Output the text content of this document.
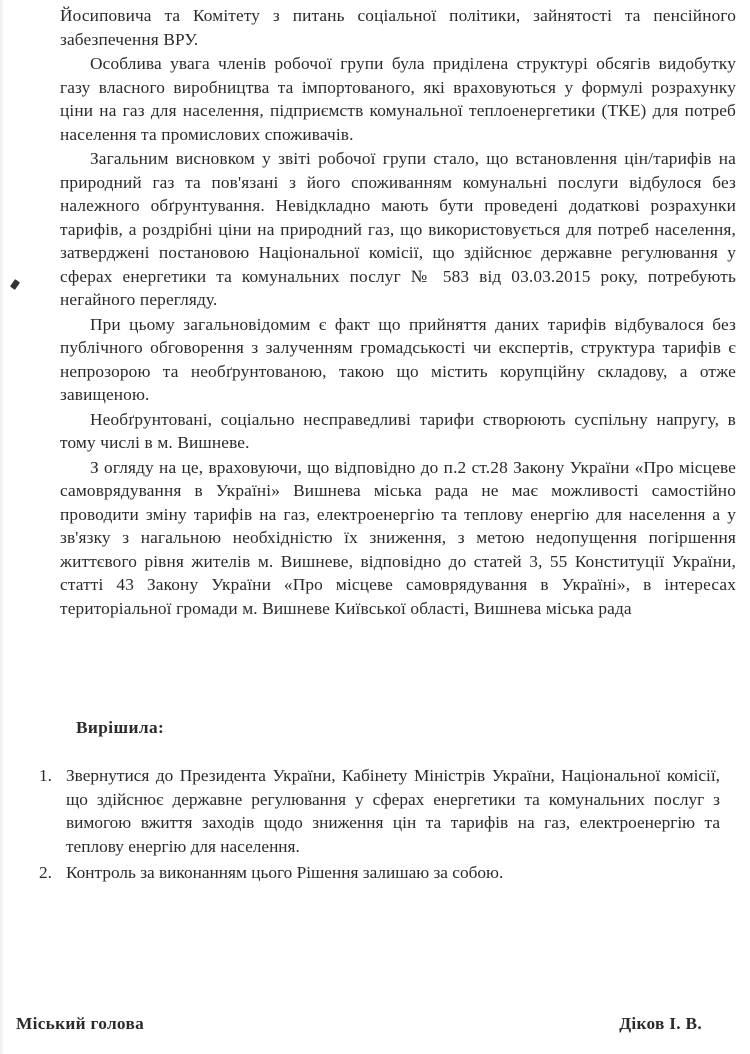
Йосиповича та Комітету з питань соціальної політики, зайнятості та пенсійного забезпечення ВРУ.

Особлива увага членів робочої групи була приділена структурі обсягів видобутку газу власного виробництва та імпортованого, які враховуються у формулі розрахунку ціни на газ для населення, підприємств комунальної теплоенергетики (ТКЕ) для потреб населення та промислових споживачів.

Загальним висновком у звіті робочої групи стало, що встановлення цін/тарифів на природний газ та пов'язані з його споживанням комунальні послуги відбулося без належного обґрунтування. Невідкладно мають бути проведені додаткові розрахунки тарифів, а роздрібні ціни на природний газ, що використовується для потреб населення, затверджені постановою Національної комісії, що здійснює державне регулювання у сферах енергетики та комунальних послуг № 583 від 03.03.2015 року, потребують негайного перегляду.

При цьому загальновідомим є факт що прийняття даних тарифів відбувалося без публічного обговорення з залученням громадськості чи експертів, структура тарифів є непрозорою та необґрунтованою, такою що містить корупційну складову, а отже завищеною.

Необґрунтовані, соціально несправедливі тарифи створюють суспільну напругу, в тому числі в м. Вишневе.

З огляду на це, враховуючи, що відповідно до п.2 ст.28 Закону України «Про місцеве самоврядування в Україні» Вишнева міська рада не має можливості самостійно проводити зміну тарифів на газ, електроенергію та теплову енергію для населення а у зв'язку з нагальною необхідністю їх зниження, з метою недопущення погіршення життєвого рівня жителів м. Вишневе, відповідно до статей 3, 55 Конституції України, статті 43 Закону України «Про місцеве самоврядування в Україні», в інтересах територіальної громади м. Вишневе Київської області, Вишнева міська рада

Вирішила:
1. Звернутися до Президента України, Кабінету Міністрів України, Національної комісії, що здійснює державне регулювання у сферах енергетики та комунальних послуг з вимогою вжиття заходів щодо зниження цін та тарифів на газ, електроенергію та теплову енергію для населення.
2. Контроль за виконанням цього Рішення залишаю за собою.
Міський голова	Діков І. В.
